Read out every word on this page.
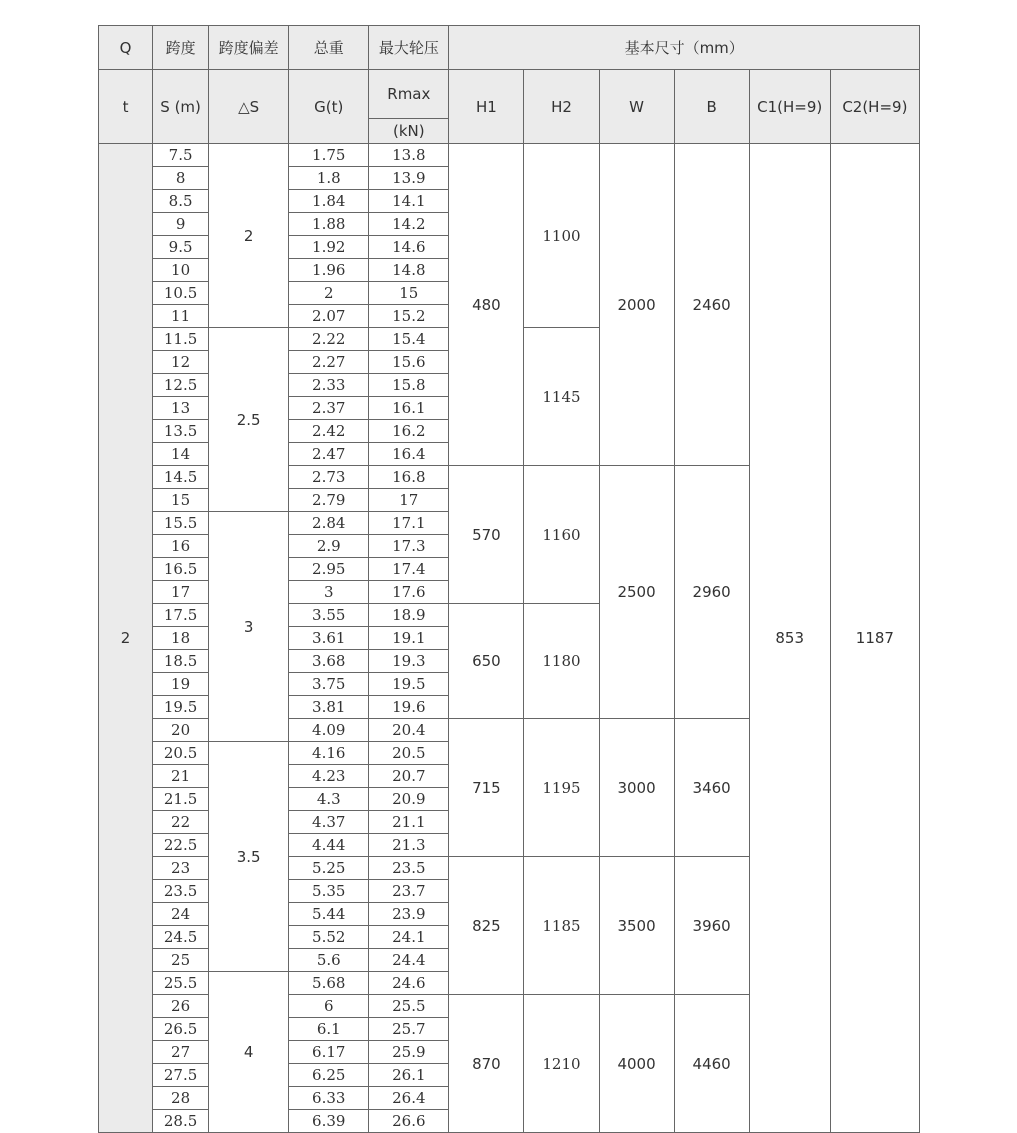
Q	跨度	跨度偏差	总重	最大轮压	基本尺寸（mm）					
t	S (m)	△S	G(t)	Rmax	H1	H2	W	B	C1(H=9)	C2(H=9)
				(kN)						
2	7.5	2	1.75	13.8	480	1100	2000	2460	853	1187
	8		1.8	13.9						
	8.5		1.84	14.1						
	9		1.88	14.2						
	9.5		1.92	14.6						
	10		1.96	14.8						
	10.5		2	15						
	11		2.07	15.2						
	11.5	2.5	2.22	15.4		1145				
	12		2.27	15.6						
	12.5		2.33	15.8						
	13		2.37	16.1						
	13.5		2.42	16.2						
	14		2.47	16.4						
	14.5		2.73	16.8	570	1160	2500	2960		
	15		2.79	17						
	15.5	3	2.84	17.1						
	16		2.9	17.3						
	16.5		2.95	17.4						
	17		3	17.6						
	17.5		3.55	18.9	650	1180				
	18		3.61	19.1						
	18.5		3.68	19.3						
	19		3.75	19.5						
	19.5		3.81	19.6						
	20		4.09	20.4	715	1195	3000	3460		
	20.5	3.5	4.16	20.5						
	21		4.23	20.7						
	21.5		4.3	20.9						
	22		4.37	21.1						
	22.5		4.44	21.3						
	23		5.25	23.5	825	1185	3500	3960		
	23.5		5.35	23.7						
	24		5.44	23.9						
	24.5		5.52	24.1						
	25		5.6	24.4						
	25.5	4	5.68	24.6						
	26		6	25.5	870	1210	4000	4460		
	26.5		6.1	25.7						
	27		6.17	25.9						
	27.5		6.25	26.1						
	28		6.33	26.4						
	28.5		6.39	26.6						
